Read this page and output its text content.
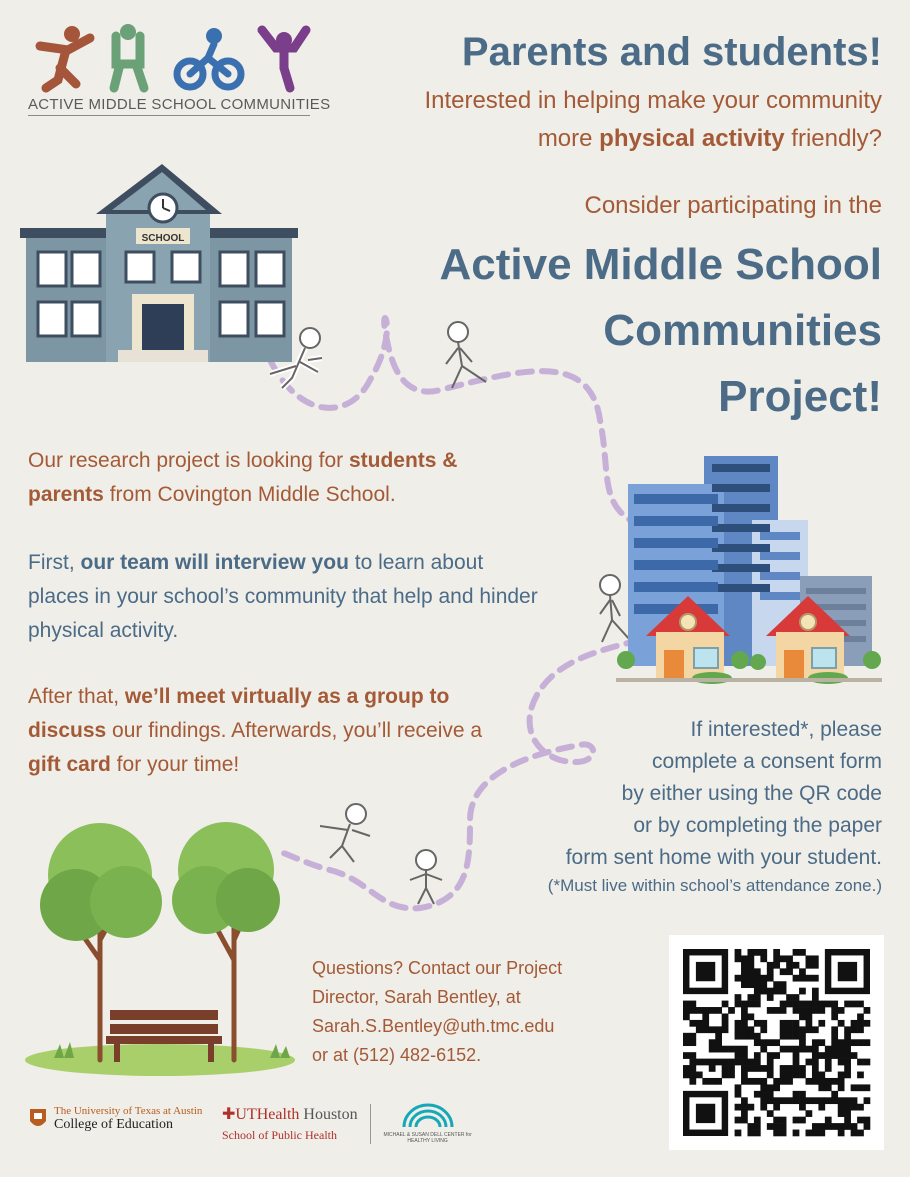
ACTIVE MIDDLE SCHOOL COMMUNITIES
Parents and students!
Interested in helping make your community
more physical activity friendly?
Consider participating in the
Active Middle School
Communities
Project!
SCHOOL
Our research project is looking for students &
parents from Covington Middle School.
First, our team will interview you to learn about places in your school’s community that help and hinder physical activity.
After that, we’ll meet virtually as a group to discuss our findings. Afterwards, you’ll receive a gift card for your time!
If interested*, please
complete a consent form
by either using the QR code
or by completing the paper
form sent home with your student.
(*Must live within school’s attendance zone.)
Questions? Contact our Project
Director, Sarah Bentley, at
Sarah.S.Bentley@uth.tmc.edu
or at (512) 482-6152.
The University of Texas at Austin
College of Education
✚UTHealth Houston
School of Public Health	MICHAEL & SUSAN DELL CENTER for HEALTHY LIVING
